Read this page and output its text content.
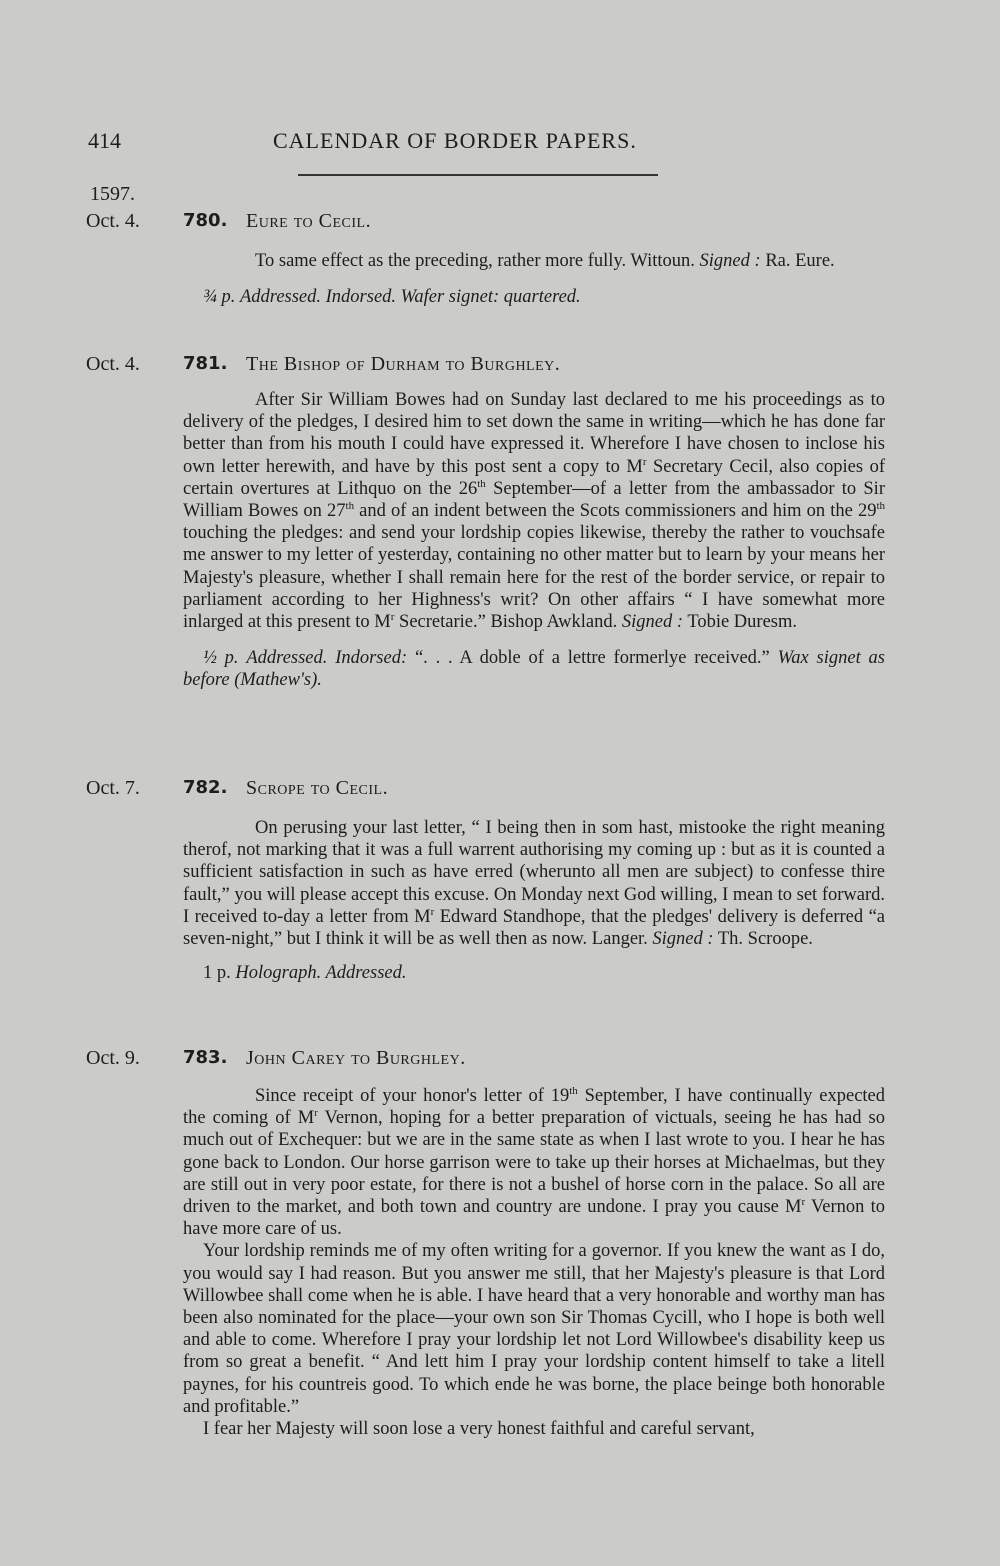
414	CALENDAR OF BORDER PAPERS.
1597.
Oct. 4.	780. Eure to Cecil.

To same effect as the preceding, rather more fully. Wittoun. Signed : Ra. Eure.

¾ p. Addressed. Indorsed. Wafer signet: quartered.
Oct. 4.	781. The Bishop of Durham to Burghley.

After Sir William Bowes had on Sunday last declared to me his proceedings as to delivery of the pledges, I desired him to set down the same in writing—which he has done far better than from his mouth I could have expressed it. Wherefore I have chosen to inclose his own letter herewith, and have by this post sent a copy to $M^r$ Secretary Cecil, also copies of certain overtures at Lithquo on the 26th September—of a letter from the ambassador to Sir William Bowes on 27th and of an indent between the Scots commissioners and him on the 29th touching the pledges: and send your lordship copies likewise, thereby the rather to vouchsafe me answer to my letter of yesterday, containing no other matter but to learn by your means her Majesty's pleasure, whether I shall remain here for the rest of the border service, or repair to parliament according to her Highness's writ? On other affairs “ I have somewhat more inlarged at this present to $M^r$ Secretarie.” Bishop Awkland. Signed : Tobie Duresm.

½ p. Addressed. Indorsed: “. . . A doble of a lettre formerlye received.” Wax signet as before (Mathew's).
Oct. 7.	782. Scrope to Cecil.

On perusing your last letter, “ I being then in som hast, mistooke the right meaning therof, not marking that it was a full warrent authorising my coming up : but as it is counted a sufficient satisfaction in such as have erred (wherunto all men are subject) to confesse thire fault,” you will please accept this excuse. On Monday next God willing, I mean to set forward. I received to-day a letter from $M^r$ Edward Standhope, that the pledges' delivery is deferred “a seven-night,” but I think it will be as well then as now. Langer. Signed : Th. Scroope.

1 p. Holograph. Addressed.
Oct. 9.	783. John Carey to Burghley.

Since receipt of your honor's letter of 19th September, I have continually expected the coming of $M^r$ Vernon, hoping for a better preparation of victuals, seeing he has had so much out of Exchequer: but we are in the same state as when I last wrote to you. I hear he has gone back to London. Our horse garrison were to take up their horses at Michaelmas, but they are still out in very poor estate, for there is not a bushel of horse corn in the palace. So all are driven to the market, and both town and country are undone. I pray you cause $M^r$ Vernon to have more care of us.

Your lordship reminds me of my often writing for a governor. If you knew the want as I do, you would say I had reason. But you answer me still, that her Majesty's pleasure is that Lord Willowbee shall come when he is able. I have heard that a very honorable and worthy man has been also nominated for the place—your own son Sir Thomas Cycill, who I hope is both well and able to come. Wherefore I pray your lordship let not Lord Willowbee's disability keep us from so great a benefit. “ And lett him I pray your lordship content himself to take a litell paynes, for his countreis good. To which ende he was borne, the place beinge both honorable and profitable.”

I fear her Majesty will soon lose a very honest faithful and careful servant,
